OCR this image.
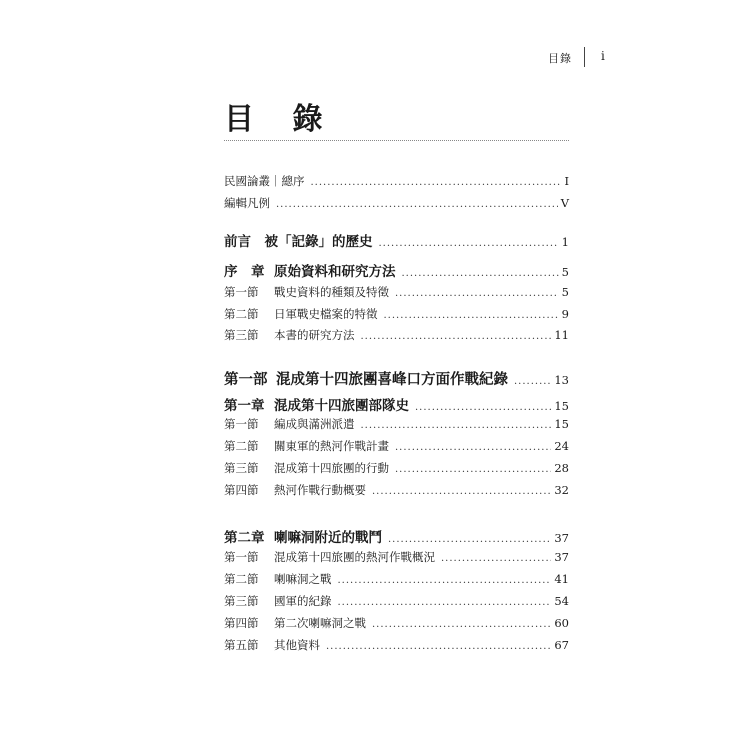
目錄 i
目 錄
民國論叢｜總序 .....	I
編輯凡例 .....	V
前言　被「記錄」的歷史 .....	1
序　章 原始資料和研究方法 .....	5
第一節 戰史資料的種類及特徵 .....	5
第二節 日軍戰史檔案的特徵 .....	9
第三節 本書的研究方法 .....	11
第一部 混成第十四旅團喜峰口方面作戰紀錄 .....	13
第一章 混成第十四旅團部隊史 .....	15
第一節 編成與滿洲派遣 .....	15
第二節 關東軍的熱河作戰計畫 .....	24
第三節 混成第十四旅團的行動 .....	28
第四節 熱河作戰行動概要 .....	32
第二章 喇嘛洞附近的戰鬥 .....	37
第一節 混成第十四旅團的熱河作戰概況 .....	37
第二節 喇嘛洞之戰 .....	41
第三節 國軍的紀錄 .....	54
第四節 第二次喇嘛洞之戰 .....	60
第五節 其他資料 .....	67
